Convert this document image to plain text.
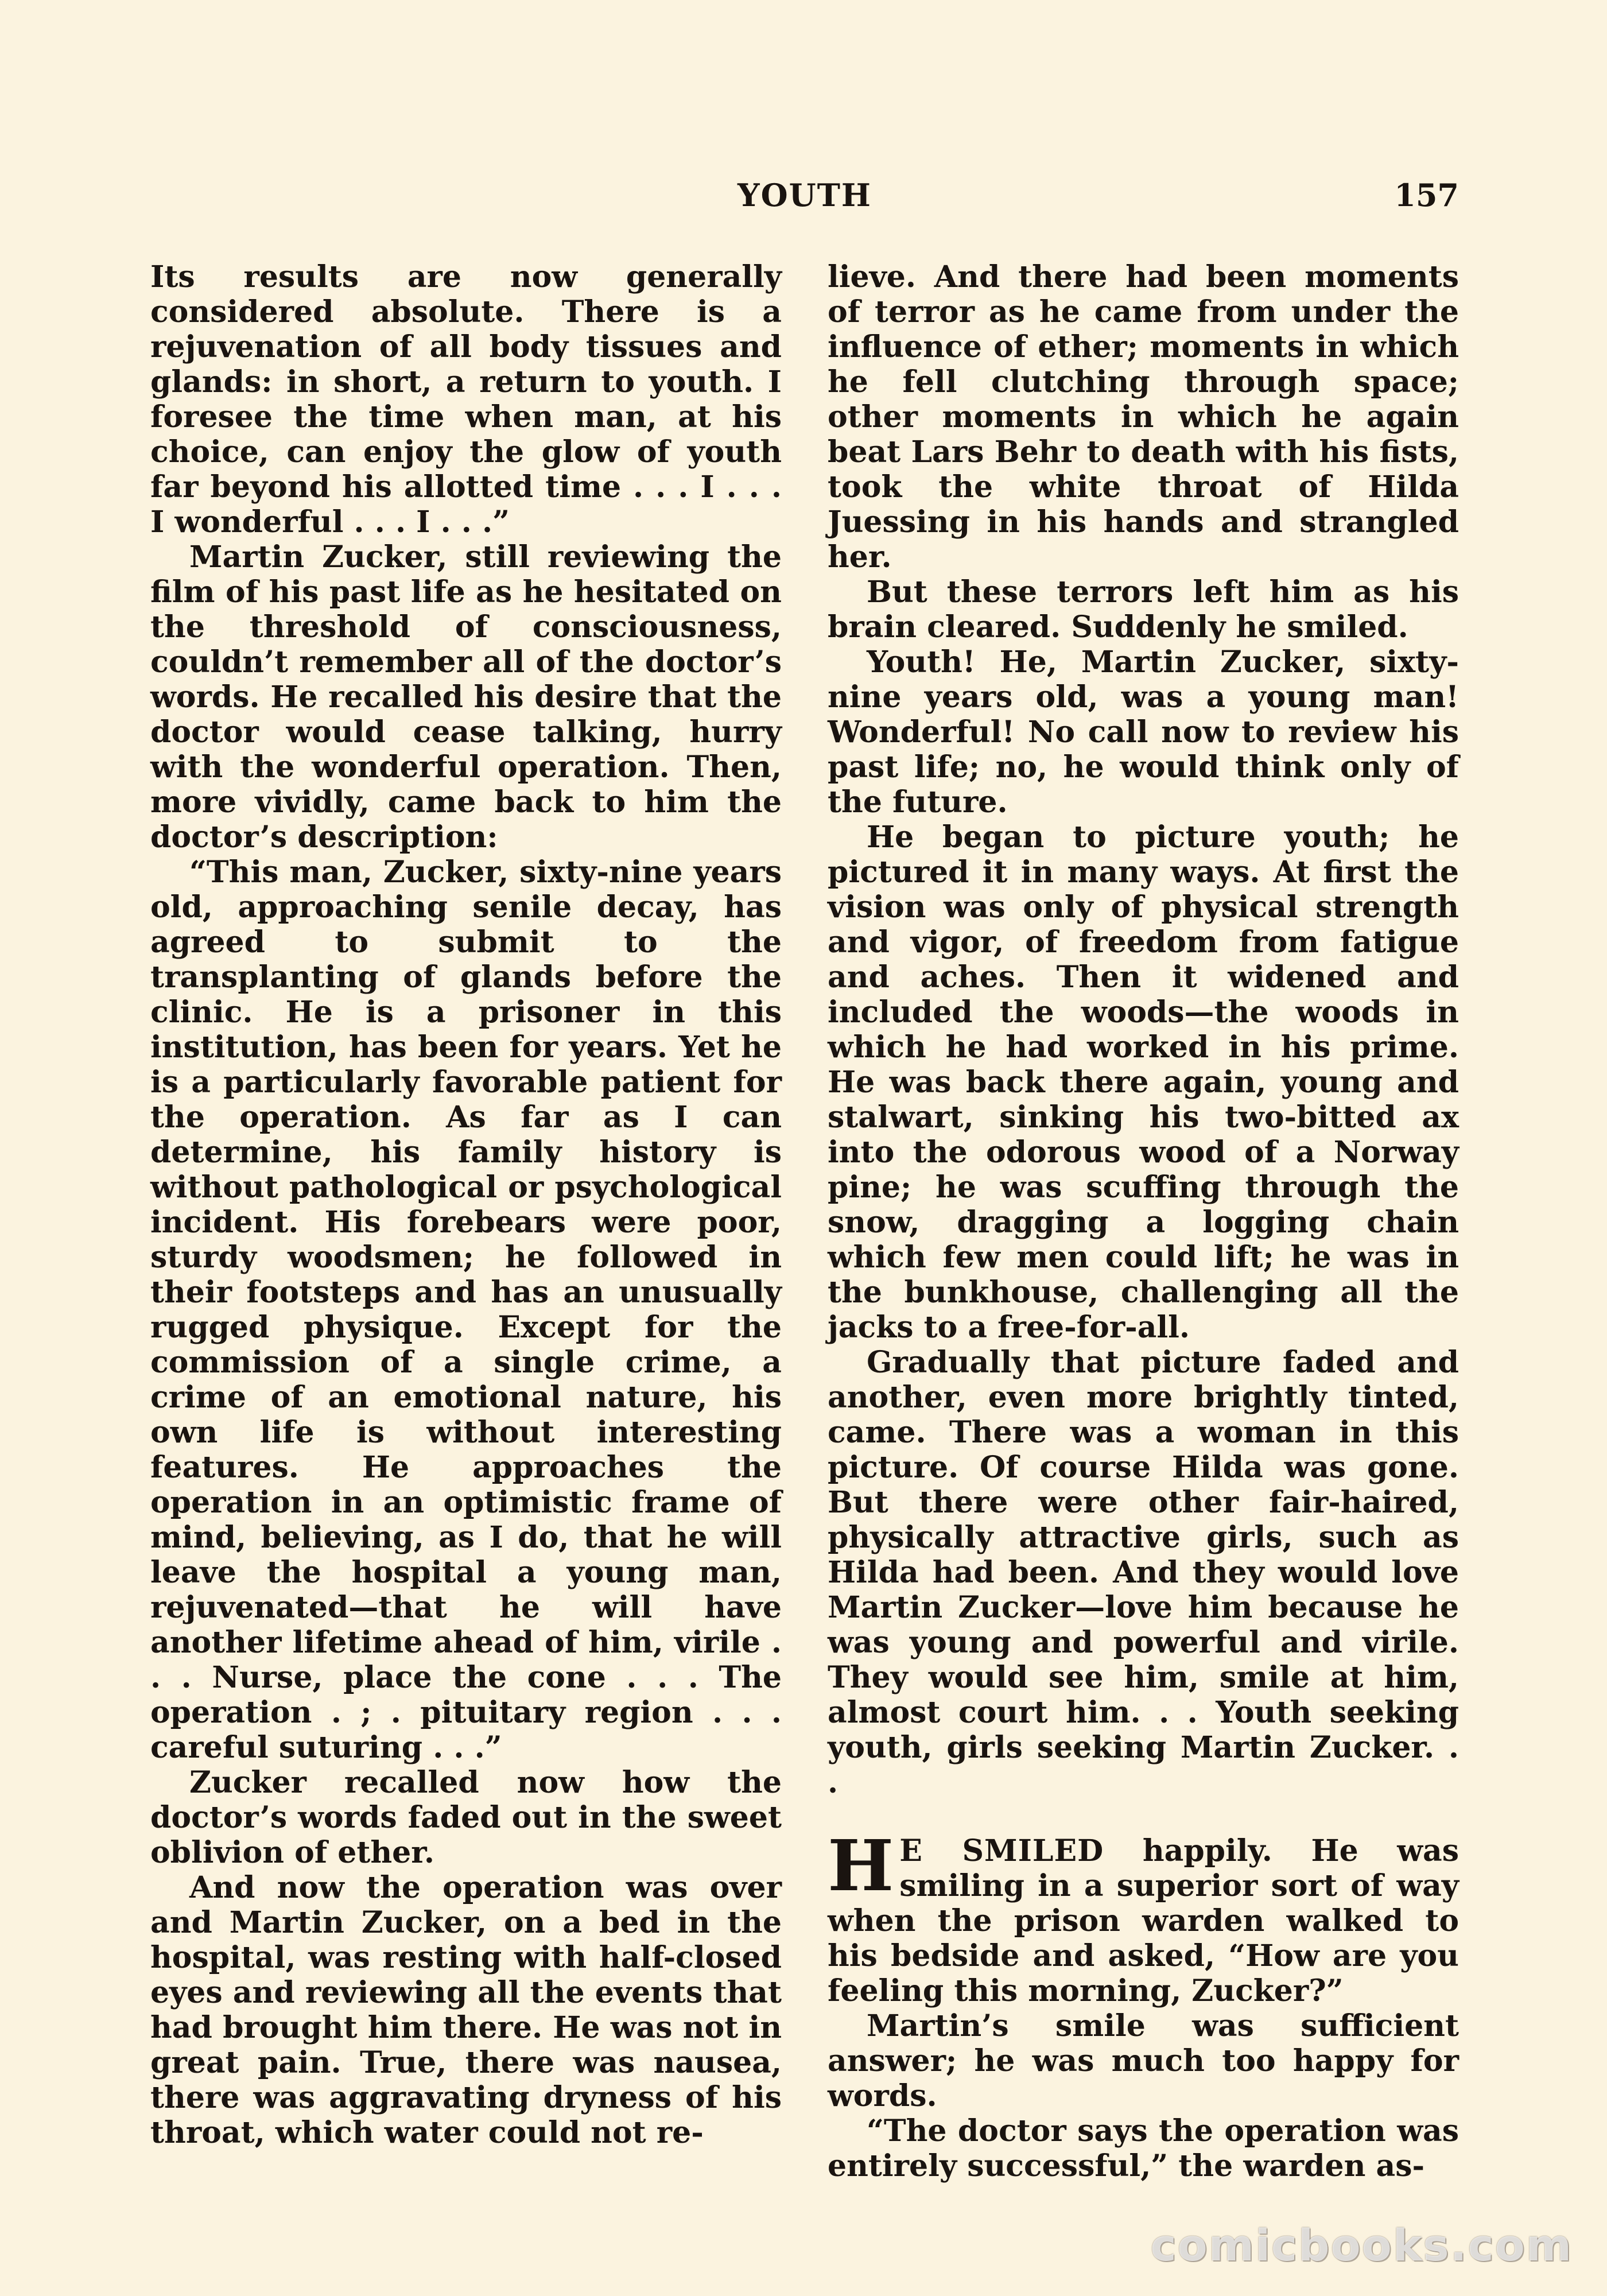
YOUTH	157

Its results are now generally considered absolute. There is a rejuvenation of all body tissues and glands: in short, a return to youth. I foresee the time when man, at his choice, can enjoy the glow of youth far beyond his allotted time . . . I . . . I wonderful . . . I . . .”

Martin Zucker, still reviewing the film of his past life as he hesitated on the threshold of consciousness, couldn’t remember all of the doctor’s words. He recalled his desire that the doctor would cease talking, hurry with the wonderful operation. Then, more vividly, came back to him the doctor’s description:

“This man, Zucker, sixty-nine years old, approaching senile decay, has agreed to submit to the transplanting of glands before the clinic. He is a prisoner in this institution, has been for years. Yet he is a particularly favorable patient for the operation. As far as I can determine, his family history is without pathological or psychological incident. His forebears were poor, sturdy woodsmen; he followed in their footsteps and has an unusually rugged physique. Except for the commission of a single crime, a crime of an emotional nature, his own life is without interesting features. He approaches the operation in an optimistic frame of mind, believing, as I do, that he will leave the hospital a young man, rejuvenated—that he will have another lifetime ahead of him, virile . . . Nurse, place the cone . . . The operation . ; . pituitary region . . . careful suturing . . .”

Zucker recalled now how the doctor’s words faded out in the sweet oblivion of ether.

And now the operation was over and Martin Zucker, on a bed in the hospital, was resting with half-closed eyes and reviewing all the events that had brought him there. He was not in great pain. True, there was nausea, there was aggravating dryness of his throat, which water could not re-

lieve. And there had been moments of terror as he came from under the influence of ether; moments in which he fell clutching through space; other moments in which he again beat Lars Behr to death with his fists, took the white throat of Hilda Juessing in his hands and strangled her.

But these terrors left him as his brain cleared. Suddenly he smiled.

Youth! He, Martin Zucker, sixty-nine years old, was a young man! Wonderful! No call now to review his past life; no, he would think only of the future.

He began to picture youth; he pictured it in many ways. At first the vision was only of physical strength and vigor, of freedom from fatigue and aches. Then it widened and included the woods—the woods in which he had worked in his prime. He was back there again, young and stalwart, sinking his two-bitted ax into the odorous wood of a Norway pine; he was scuffing through the snow, dragging a logging chain which few men could lift; he was in the bunkhouse, challenging all the jacks to a free-for-all.

Gradually that picture faded and another, even more brightly tinted, came. There was a woman in this picture. Of course Hilda was gone. But there were other fair-haired, physically attractive girls, such as Hilda had been. And they would love Martin Zucker—love him because he was young and powerful and virile. They would see him, smile at him, almost court him. . . Youth seeking youth, girls seeking Martin Zucker. . .

H E SMILED happily. He was smiling in a superior sort of way when the prison warden walked to his bedside and asked, “How are you feeling this morning, Zucker?”

Martin’s smile was sufficient answer; he was much too happy for words.

“The doctor says the operation was entirely successful,” the warden as-

comicbooks.com
